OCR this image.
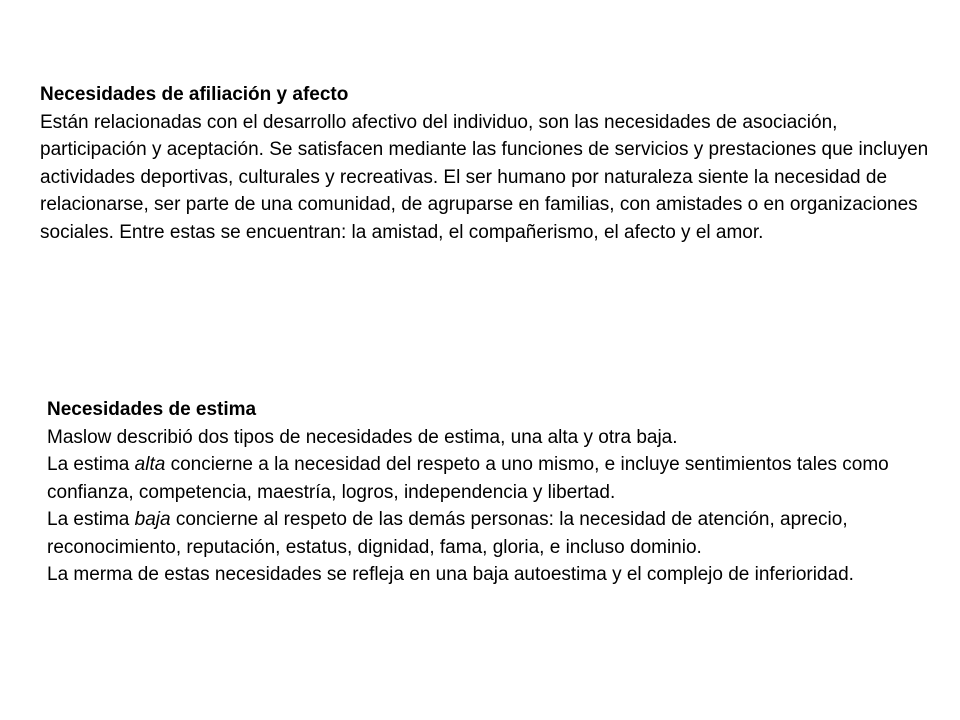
Necesidades de afiliación y afecto

Están relacionadas con el desarrollo afectivo del individuo, son las necesidades de asociación, participación y aceptación. Se satisfacen mediante las funciones de servicios y prestaciones que incluyen actividades deportivas, culturales y recreativas. El ser humano por naturaleza siente la necesidad de relacionarse, ser parte de una comunidad, de agruparse en familias, con amistades o en organizaciones sociales. Entre estas se encuentran: la amistad, el compañerismo, el afecto y el amor.

Necesidades de estima

Maslow describió dos tipos de necesidades de estima, una alta y otra baja.

La estima alta concierne a la necesidad del respeto a uno mismo, e incluye sentimientos tales como confianza, competencia, maestría, logros, independencia y libertad.

La estima baja concierne al respeto de las demás personas: la necesidad de atención, aprecio, reconocimiento, reputación, estatus, dignidad, fama, gloria, e incluso dominio.

La merma de estas necesidades se refleja en una baja autoestima y el complejo de inferioridad.
